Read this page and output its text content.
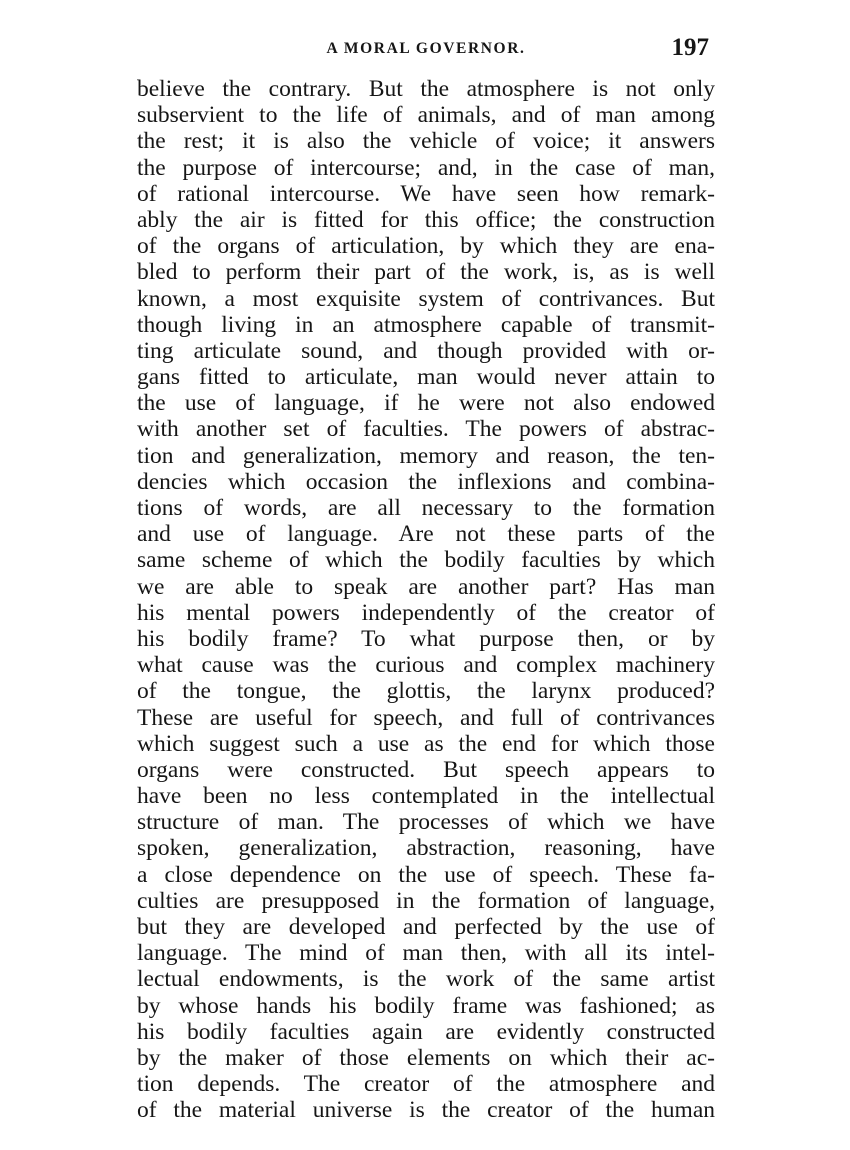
A MORAL GOVERNOR.	197
believe the contrary. But the atmosphere is not only
subservient to the life of animals, and of man among
the rest; it is also the vehicle of voice; it answers
the purpose of intercourse; and, in the case of man,
of rational intercourse. We have seen how remark-
ably the air is fitted for this office; the construction
of the organs of articulation, by which they are ena-
bled to perform their part of the work, is, as is well
known, a most exquisite system of contrivances. But
though living in an atmosphere capable of transmit-
ting articulate sound, and though provided with or-
gans fitted to articulate, man would never attain to
the use of language, if he were not also endowed
with another set of faculties. The powers of abstrac-
tion and generalization, memory and reason, the ten-
dencies which occasion the inflexions and combina-
tions of words, are all necessary to the formation
and use of language. Are not these parts of the
same scheme of which the bodily faculties by which
we are able to speak are another part? Has man
his mental powers independently of the creator of
his bodily frame? To what purpose then, or by
what cause was the curious and complex machinery
of the tongue, the glottis, the larynx produced?
These are useful for speech, and full of contrivances
which suggest such a use as the end for which those
organs were constructed. But speech appears to
have been no less contemplated in the intellectual
structure of man. The processes of which we have
spoken, generalization, abstraction, reasoning, have
a close dependence on the use of speech. These fa-
culties are presupposed in the formation of language,
but they are developed and perfected by the use of
language. The mind of man then, with all its intel-
lectual endowments, is the work of the same artist
by whose hands his bodily frame was fashioned; as
his bodily faculties again are evidently constructed
by the maker of those elements on which their ac-
tion depends. The creator of the atmosphere and
of the material universe is the creator of the human
